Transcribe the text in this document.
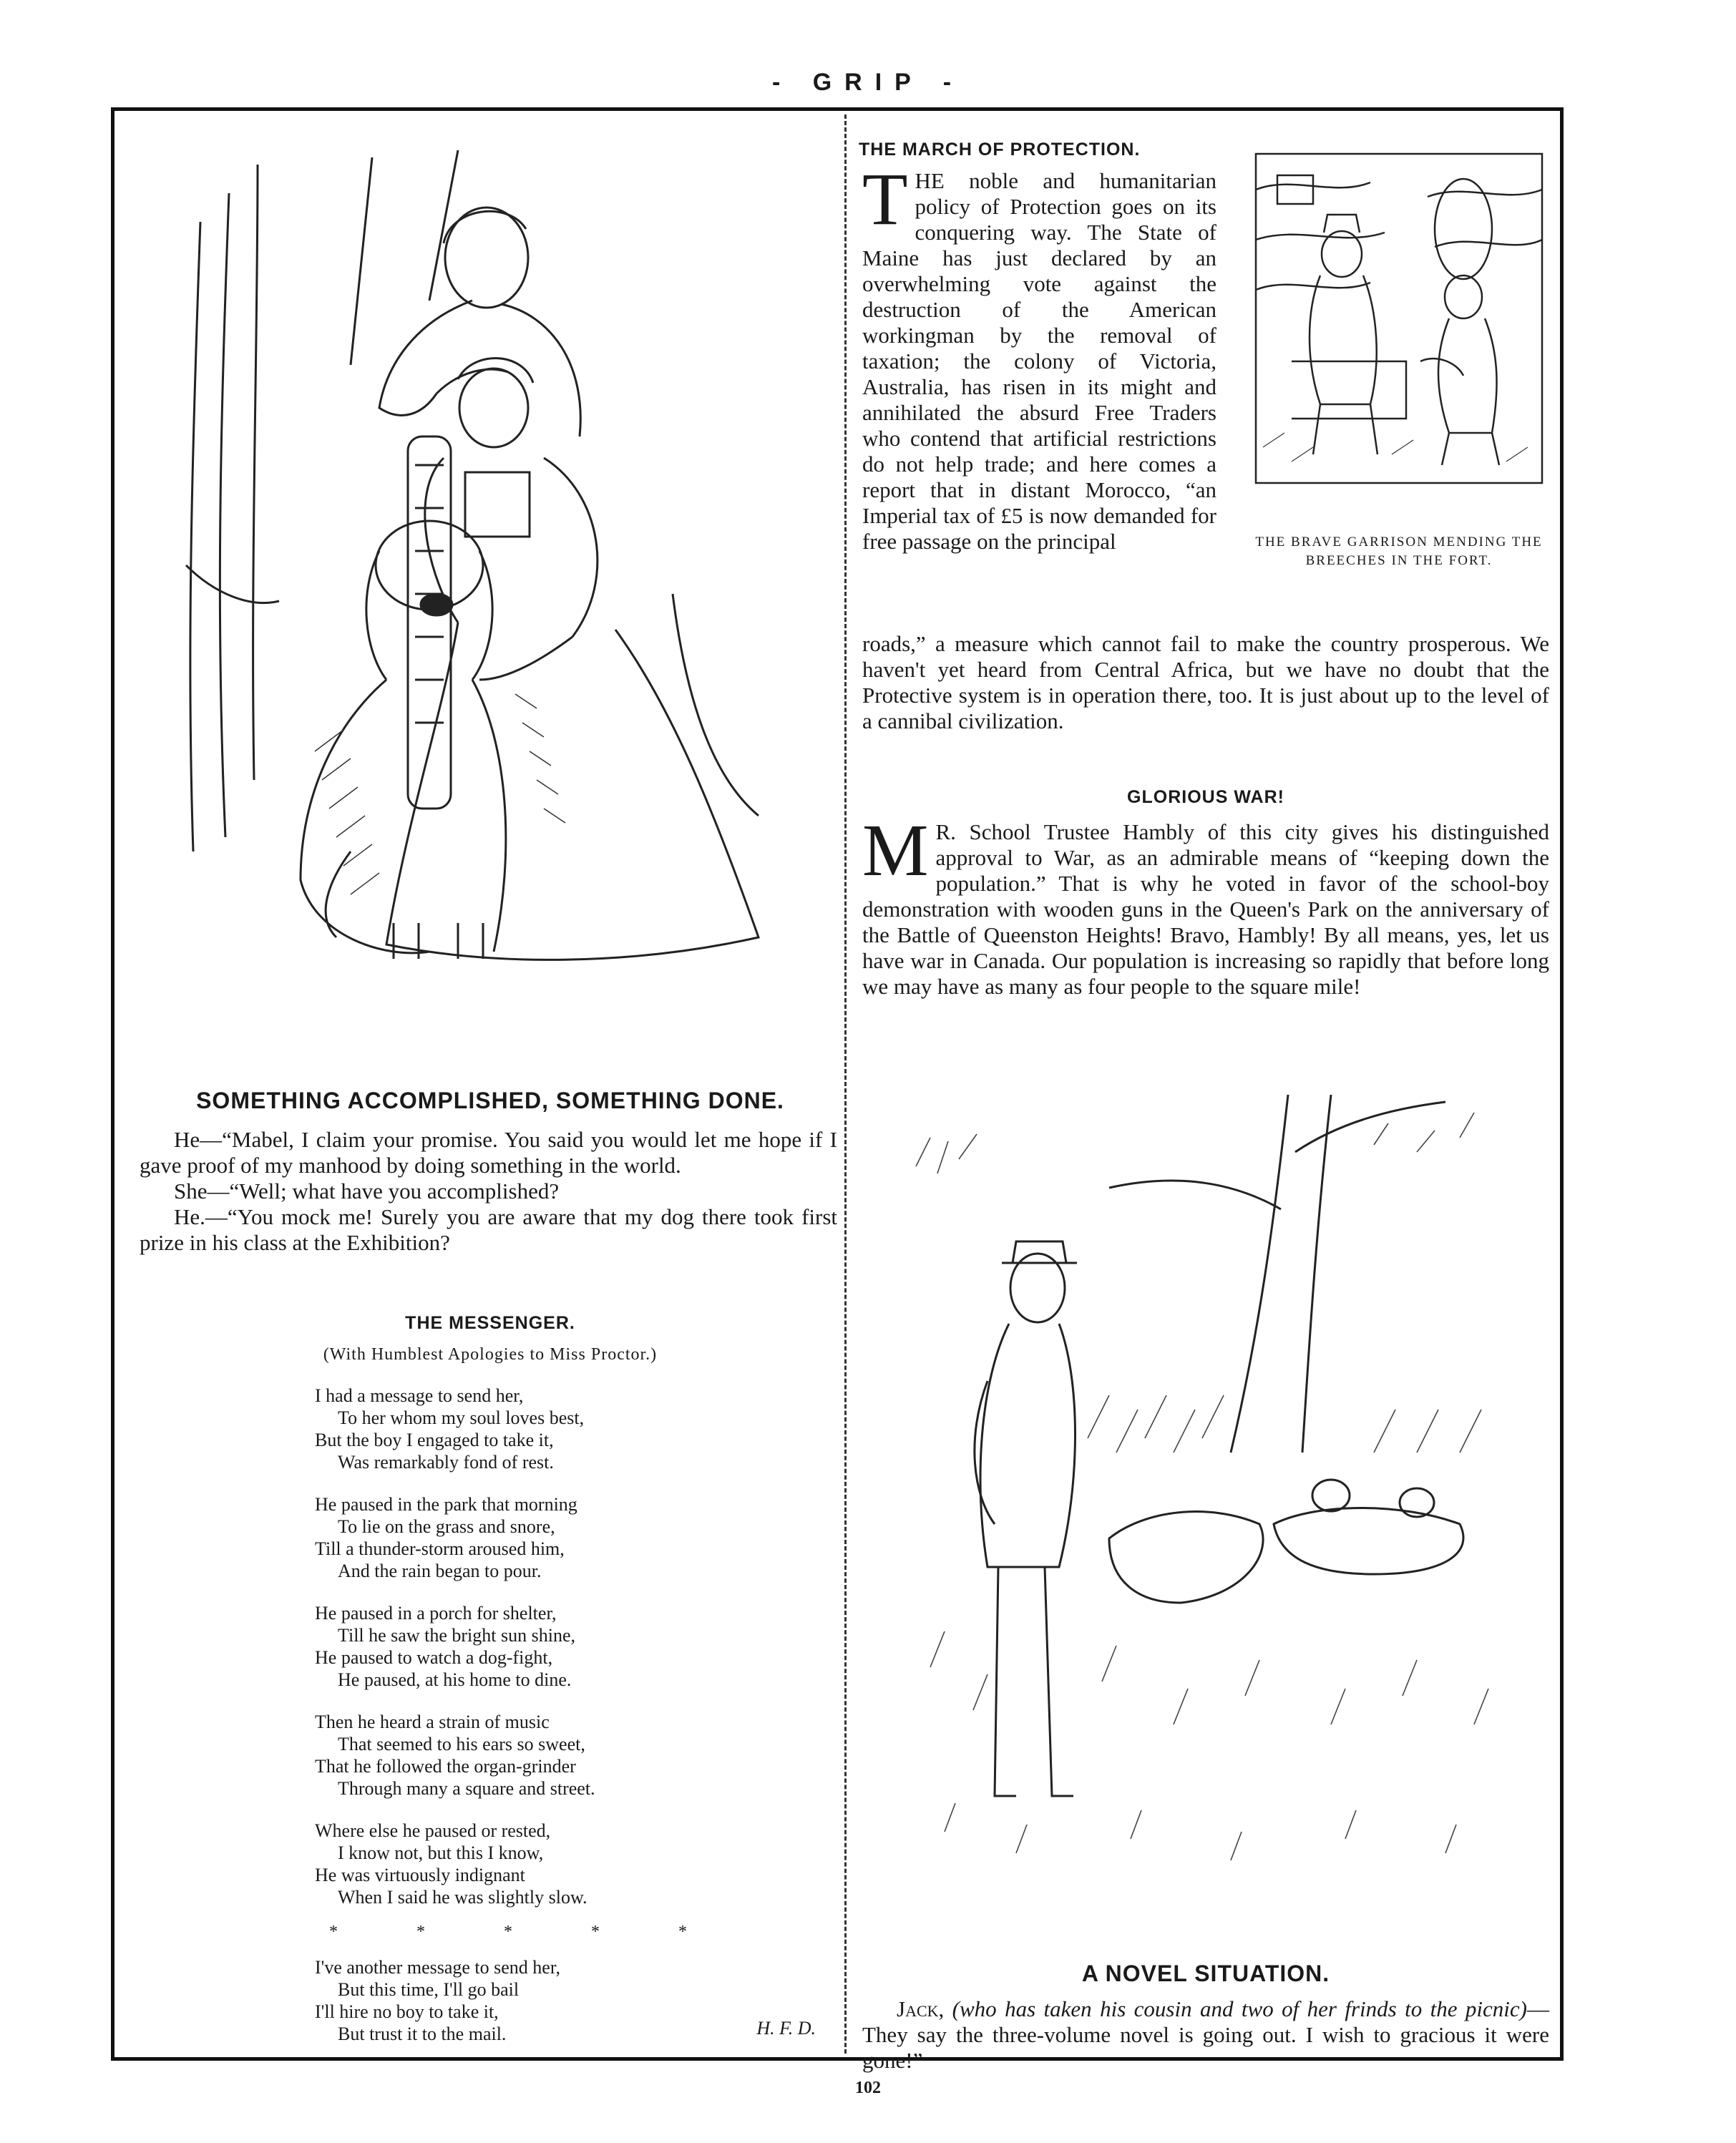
- GRIP -
SOMETHING ACCOMPLISHED, SOMETHING DONE.

He—“Mabel, I claim your promise. You said you would let me hope if I gave proof of my manhood by doing something in the world.

She—“Well; what have you accomplished?

He.—“You mock me! Surely you are aware that my dog there took first prize in his class at the Exhibition?

THE MESSENGER.
(With Humblest Apologies to Miss Proctor.)
I had a message to send her,
To her whom my soul loves best,
But the boy I engaged to take it,
Was remarkably fond of rest.
He paused in the park that morning
To lie on the grass and snore,
Till a thunder-storm aroused him,
And the rain began to pour.
He paused in a porch for shelter,
Till he saw the bright sun shine,
He paused to watch a dog-fight,
He paused, at his home to dine.
Then he heard a strain of music
That seemed to his ears so sweet,
That he followed the organ-grinder
Through many a square and street.
Where else he paused or rested,
I know not, but this I know,
He was virtuously indignant
When I said he was slightly slow.
* * * * *
I've another message to send her,
But this time, I'll go bail
I'll hire no boy to take it,
But trust it to the mail.	H. F. D.
THE MARCH OF PROTECTION.
THE noble and humanitarian policy of Protection goes on its conquering way. The State of Maine has just declared by an overwhelming vote against the destruction of the American workingman by the removal of taxation; the colony of Victoria, Australia, has risen in its might and annihilated the absurd Free Traders who contend that artificial restrictions do not help trade; and here comes a report that in distant Morocco, “an Imperial tax of £5 is now demanded for free passage on the principal	THE BRAVE GARRISON MENDING THE BREECHES IN THE FORT.
roads,” a measure which cannot fail to make the country prosperous. We haven't yet heard from Central Africa, but we have no doubt that the Protective system is in operation there, too. It is just about up to the level of a cannibal civilization.
GLORIOUS WAR!
M R. School Trustee Hambly of this city gives his distinguished approval to War, as an admirable means of “keeping down the population.” That is why he voted in favor of the school-boy demonstration with wooden guns in the Queen's Park on the anniversary of the Battle of Queenston Heights! Bravo, Hambly! By all means, yes, let us have war in Canada. Our population is increasing so rapidly that before long we may have as many as four people to the square mile!
A NOVEL SITUATION.

Jack, (who has taken his cousin and two of her frinds to the picnic)—They say the three-volume novel is going out. I wish to gracious it were gone!”

102
